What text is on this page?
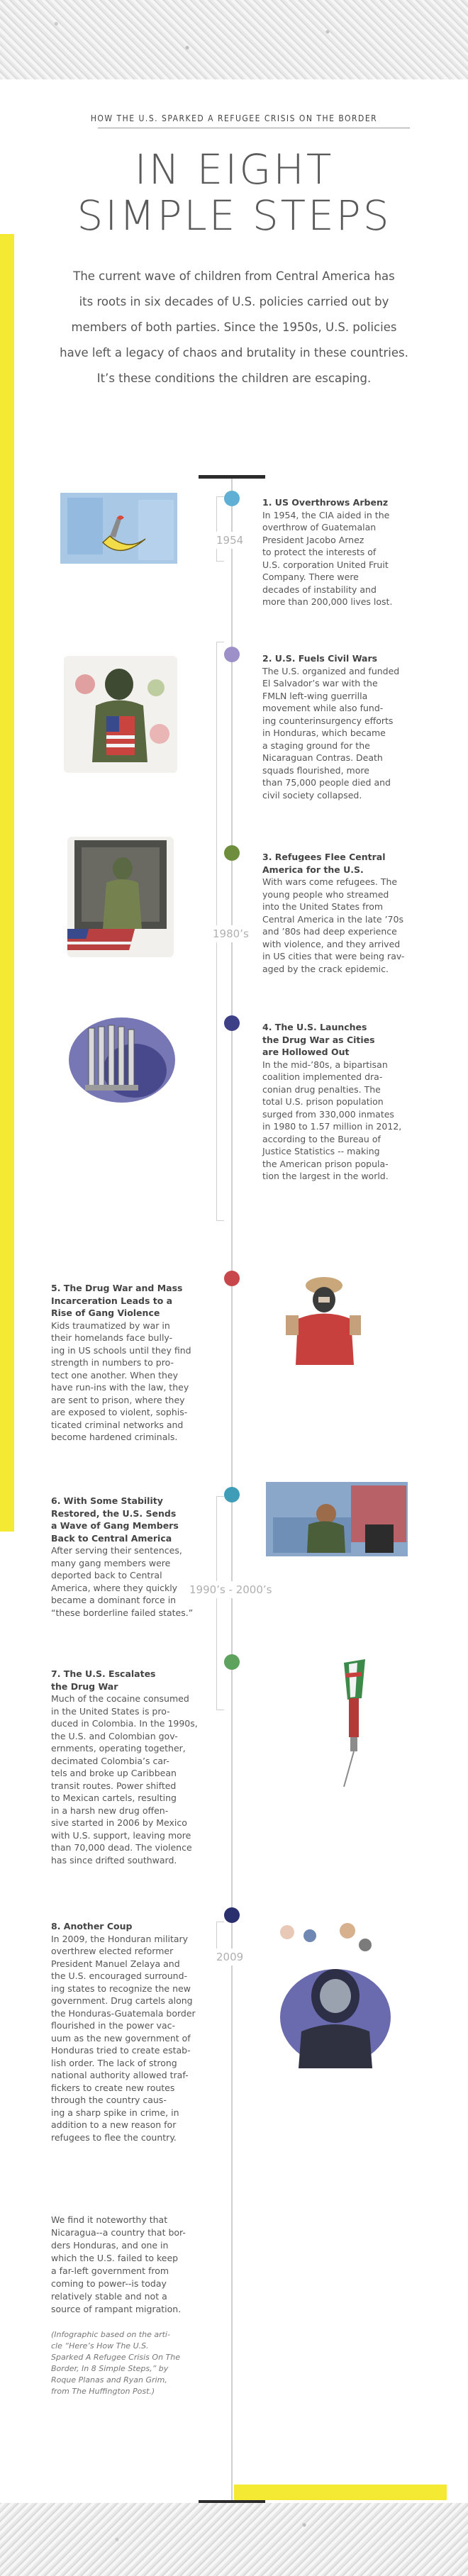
HOW THE U.S. SPARKED A REFUGEE CRISIS ON THE BORDER
IN EIGHT
SIMPLE STEPS
The current wave of children from Central America has
its roots in six decades of U.S. policies carried out by
members of both parties. Since the 1950s, U.S. policies
have left a legacy of chaos and brutality in these countries.
It’s these conditions the children are escaping.
1954
1980’s
1990’s - 2000’s
2009
1. US Overthrows Arbenz
In 1954, the CIA aided in the
overthrow of Guatemalan
President Jacobo Arnez
to protect the interests of
U.S. corporation United Fruit
Company. There were
decades of instability and
more than 200,000 lives lost.
2. U.S. Fuels Civil Wars
The U.S. organized and funded
El Salvador’s war with the
FMLN left-wing guerrilla
movement while also fund-
ing counterinsurgency efforts
in Honduras, which became
a staging ground for the
Nicaraguan Contras. Death
squads flourished, more
than 75,000 people died and
civil society collapsed.
3. Refugees Flee Central
America for the U.S.
With wars come refugees. The
young people who streamed
into the United States from
Central America in the late ’70s
and ’80s had deep experience
with violence, and they arrived
in US cities that were being rav-
aged by the crack epidemic.
4. The U.S. Launches
the Drug War as Cities
are Hollowed Out
In the mid-’80s, a bipartisan
coalition implemented dra-
conian drug penalties. The
total U.S. prison population
surged from 330,000 inmates
in 1980 to 1.57 million in 2012,
according to the Bureau of
Justice Statistics -- making
the American prison popula-
tion the largest in the world.
5. The Drug War and Mass
Incarceration Leads to a
Rise of Gang Violence
Kids traumatized by war in
their homelands face bully-
ing in US schools until they find
strength in numbers to pro-
tect one another. When they
have run-ins with the law, they
are sent to prison, where they
are exposed to violent, sophis-
ticated criminal networks and
become hardened criminals.
6. With Some Stability
Restored, the U.S. Sends
a Wave of Gang Members
Back to Central America
After serving their sentences,
many gang members were
deported back to Central
America, where they quickly
became a dominant force in
“these borderline failed states.”
7. The U.S. Escalates
the Drug War
Much of the cocaine consumed
in the United States is pro-
duced in Colombia. In the 1990s,
the U.S. and Colombian gov-
ernments, operating together,
decimated Colombia’s car-
tels and broke up Caribbean
transit routes. Power shifted
to Mexican cartels, resulting
in a harsh new drug offen-
sive started in 2006 by Mexico
with U.S. support, leaving more
than 70,000 dead. The violence
has since drifted southward.
8. Another Coup
In 2009, the Honduran military
overthrew elected reformer
President Manuel Zelaya and
the U.S. encouraged surround-
ing states to recognize the new
government. Drug cartels along
the Honduras-Guatemala border
flourished in the power vac-
uum as the new government of
Honduras tried to create estab-
lish order. The lack of strong
national authority allowed traf-
fickers to create new routes
through the country caus-
ing a sharp spike in crime, in
addition to a new reason for
refugees to flee the country.
We find it noteworthy that
Nicaragua--a country that bor-
ders Honduras, and one in
which the U.S. failed to keep
a far-left government from
coming to power--is today
relatively stable and not a
source of rampant migration.
(Infographic based on the arti-
cle “Here’s How The U.S.
Sparked A Refugee Crisis On The
Border, In 8 Simple Steps,” by
Roque Planas and Ryan Grim,
from The Huffington Post.)
